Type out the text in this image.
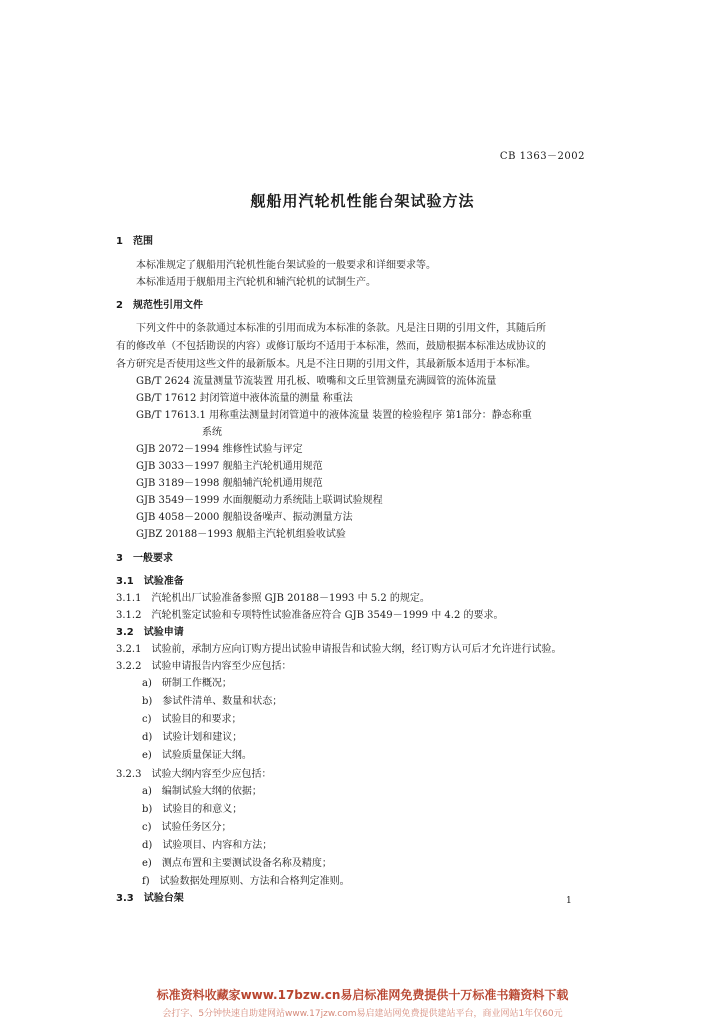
CB 1363－2002
舰船用汽轮机性能台架试验方法
1 范围
本标准规定了舰船用汽轮机性能台架试验的一般要求和详细要求等。
本标准适用于舰船用主汽轮机和辅汽轮机的试制生产。
2 规范性引用文件
下列文件中的条款通过本标准的引用而成为本标准的条款。凡是注日期的引用文件，其随后所
有的修改单（不包括勘误的内容）或修订版均不适用于本标准，然而，鼓励根据本标准达成协议的
各方研究是否使用这些文件的最新版本。凡是不注日期的引用文件，其最新版本适用于本标准。
GB/T 2624 流量测量节流装置 用孔板、喷嘴和文丘里管测量充满圆管的流体流量
GB/T 17612 封闭管道中液体流量的测量 称重法
GB/T 17613.1 用称重法测量封闭管道中的液体流量 装置的检验程序 第1部分：静态称重
系统
GJB 2072－1994 维修性试验与评定
GJB 3033－1997 舰船主汽轮机通用规范
GJB 3189－1998 舰船辅汽轮机通用规范
GJB 3549－1999 水面舰艇动力系统陆上联调试验规程
GJB 4058－2000 舰船设备噪声、振动测量方法
GJBZ 20188－1993 舰船主汽轮机组验收试验
3 一般要求
3.1 试验准备
3.1.1 汽轮机出厂试验准备参照 GJB 20188－1993 中 5.2 的规定。
3.1.2 汽轮机鉴定试验和专项特性试验准备应符合 GJB 3549－1999 中 4.2 的要求。
3.2 试验申请
3.2.1 试验前，承制方应向订购方提出试验申请报告和试验大纲，经订购方认可后才允许进行试验。
3.2.2 试验申请报告内容至少应包括：
a) 研制工作概况；
b) 参试件清单、数量和状态；
c) 试验目的和要求；
d) 试验计划和建议；
e) 试验质量保证大纲。
3.2.3 试验大纲内容至少应包括：
a) 编制试验大纲的依据；
b) 试验目的和意义；
c) 试验任务区分；
d) 试验项目、内容和方法；
e) 测点布置和主要测试设备名称及精度；
f) 试验数据处理原则、方法和合格判定准则。
3.3 试验台架	1
标准资料收藏家www.17bzw.cn易启标准网免费提供十万标准书籍资料下载
会打字、5分钟快速自助建网站www.17jzw.com易启建站网免费提供建站平台，商业网站1年仅60元
